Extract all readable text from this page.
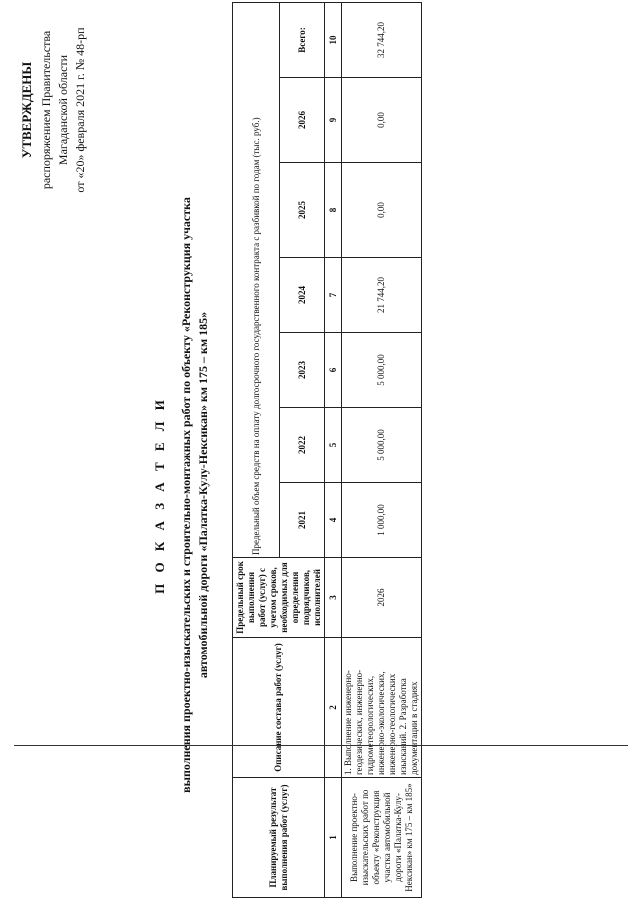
УТВЕРЖДЕНЫ распоряжением Правительства Магаданской области от «20» февраля 2021 г. № 48-рп
П О К А З А Т Е Л И выполнения проектно-изыскательских и строительно-монтажных работ по объекту «Реконструкция участка автомобильной дороги «Палатка-Кулу-Нексикан» км 175 – км 185»
Планируемый результат выполнения работ (услуг)	Описание состава работ (услуг)	Предельный срок выполнения работ (услуг) с учетом сроков, необходимых для определения подрядчиков, исполнителей	Предельный объем средств на оплату долгосрочного государственного контракта с разбивкой по годам (тыс. руб.)						
			2021	2022	2023	2024	2025	2026	Всего:
1	2	3	4	5	6	7	8	9	10
Выполнение проектно-изыскательских работ по объекту «Реконструкция участка автомобильной дороги «Палатка-Кулу-Нексикан» км 175 – км 185»	1. Выполнение инженерно-геодезических, инженерно-гидрометеорологических, инженерно-экологических, инженерно-геологических изысканий. 2. Разработка документации в стадиях	2026	1 000,00	5 000,00	5 000,00	21 744,20	0,00	0,00	32 744,20
